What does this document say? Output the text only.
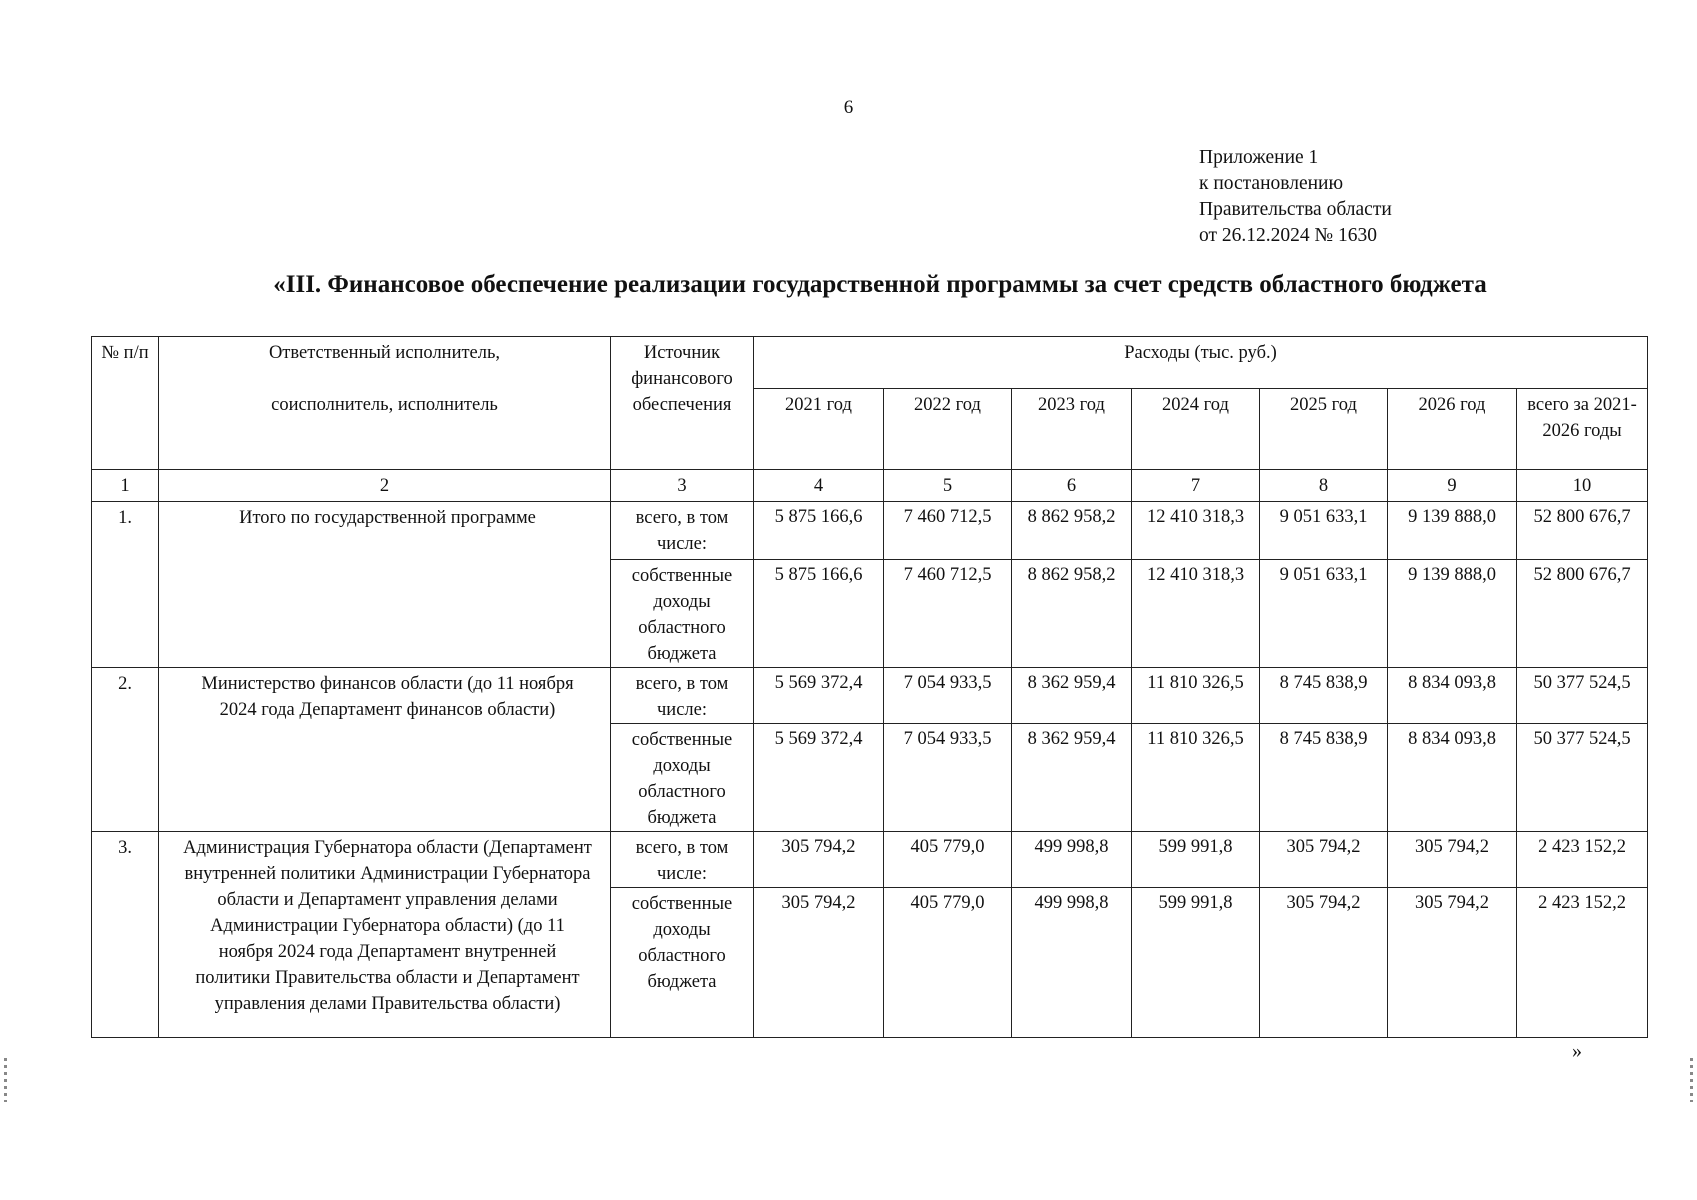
6
Приложение 1
к постановлению
Правительства области
от 26.12.2024 № 1630
«III. Финансовое обеспечение реализации государственной программы за счет средств областного бюджета
№ п/п	Ответственный исполнитель,	Источник финансового обеспечения	Расходы (тыс. руб.)						
	соисполнитель, исполнитель		2021 год	2022 год	2023 год	2024 год	2025 год	2026 год	всего за 2021-2026 годы
1	2	3	4	5	6	7	8	9	10
1.	Итого по государственной программе	всего, в том числе:	5 875 166,6	7 460 712,5	8 862 958,2	12 410 318,3	9 051 633,1	9 139 888,0	52 800 676,7
		собственные доходы областного бюджета	5 875 166,6	7 460 712,5	8 862 958,2	12 410 318,3	9 051 633,1	9 139 888,0	52 800 676,7
2.	Министерство финансов области (до 11 ноября 2024 года Департамент финансов области)	всего, в том числе:	5 569 372,4	7 054 933,5	8 362 959,4	11 810 326,5	8 745 838,9	8 834 093,8	50 377 524,5
		собственные доходы областного бюджета	5 569 372,4	7 054 933,5	8 362 959,4	11 810 326,5	8 745 838,9	8 834 093,8	50 377 524,5
3.	Администрация Губернатора области (Департамент внутренней политики Администрации Губернатора области и Департамент управления делами Администрации Губернатора области) (до 11 ноября 2024 года Департамент внутренней политики Правительства области и Департамент управления делами Правительства области)	всего, в том числе:	305 794,2	405 779,0	499 998,8	599 991,8	305 794,2	305 794,2	2 423 152,2
		собственные доходы областного бюджета	305 794,2	405 779,0	499 998,8	599 991,8	305 794,2	305 794,2	2 423 152,2
»
